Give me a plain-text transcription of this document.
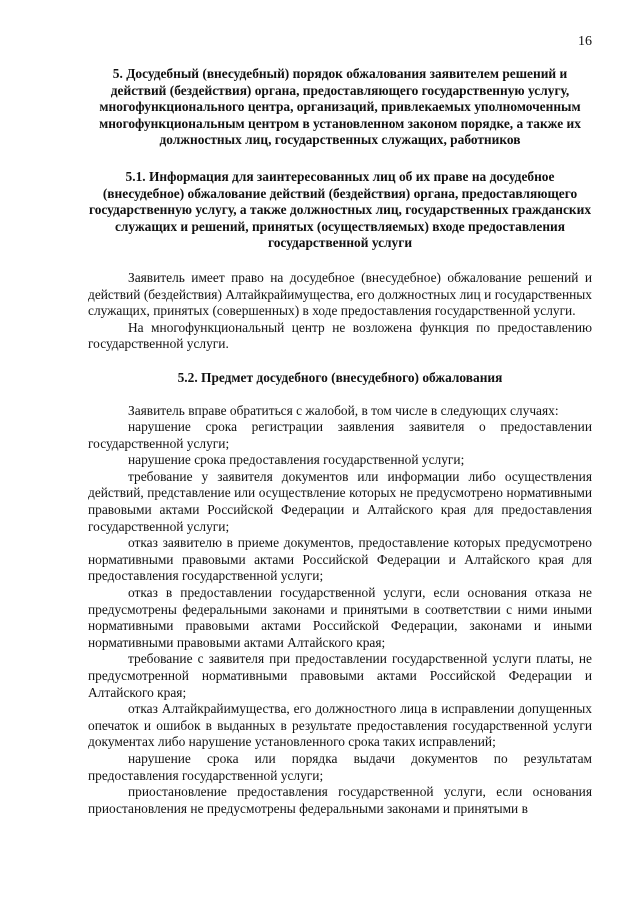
16
5. Досудебный (внесудебный) порядок обжалования заявителем решений и действий (бездействия) органа, предоставляющего государственную услугу, многофункционального центра, организаций, привлекаемых уполномоченным многофункциональным центром в установленном законом порядке, а также их должностных лиц, государственных служащих, работников
5.1. Информация для заинтересованных лиц об их праве на досудебное (внесудебное) обжалование действий (бездействия) органа, предоставляющего государственную услугу, а также должностных лиц, государственных гражданских служащих и решений, принятых (осуществляемых) входе предоставления государственной услуги

Заявитель имеет право на досудебное (внесудебное) обжалование решений и действий (бездействия) Алтайкрайимущества, его должностных лиц и государственных служащих, принятых (совершенных) в ходе предоставления государственной услуги.

На многофункциональный центр не возложена функция по предоставлению государственной услуги.

5.2. Предмет досудебного (внесудебного) обжалования

Заявитель вправе обратиться с жалобой, в том числе в следующих случаях:

нарушение срока регистрации заявления заявителя о предоставлении государственной услуги;

нарушение срока предоставления государственной услуги;

требование у заявителя документов или информации либо осуществления действий, представление или осуществление которых не предусмотрено нормативными правовыми актами Российской Федерации и Алтайского края для предоставления государственной услуги;

отказ заявителю в приеме документов, предоставление которых предусмотрено нормативными правовыми актами Российской Федерации и Алтайского края для предоставления государственной услуги;

отказ в предоставлении государственной услуги, если основания отказа не предусмотрены федеральными законами и принятыми в соответствии с ними иными нормативными правовыми актами Российской Федерации, законами и иными нормативными правовыми актами Алтайского края;

требование с заявителя при предоставлении государственной услуги платы, не предусмотренной нормативными правовыми актами Российской Федерации и Алтайского края;

отказ Алтайкрайимущества, его должностного лица в исправлении допущенных опечаток и ошибок в выданных в результате предоставления государственной услуги документах либо нарушение установленного срока таких исправлений;

нарушение срока или порядка выдачи документов по результатам предоставления государственной услуги;

приостановление предоставления государственной услуги, если основания приостановления не предусмотрены федеральными законами и принятыми в
